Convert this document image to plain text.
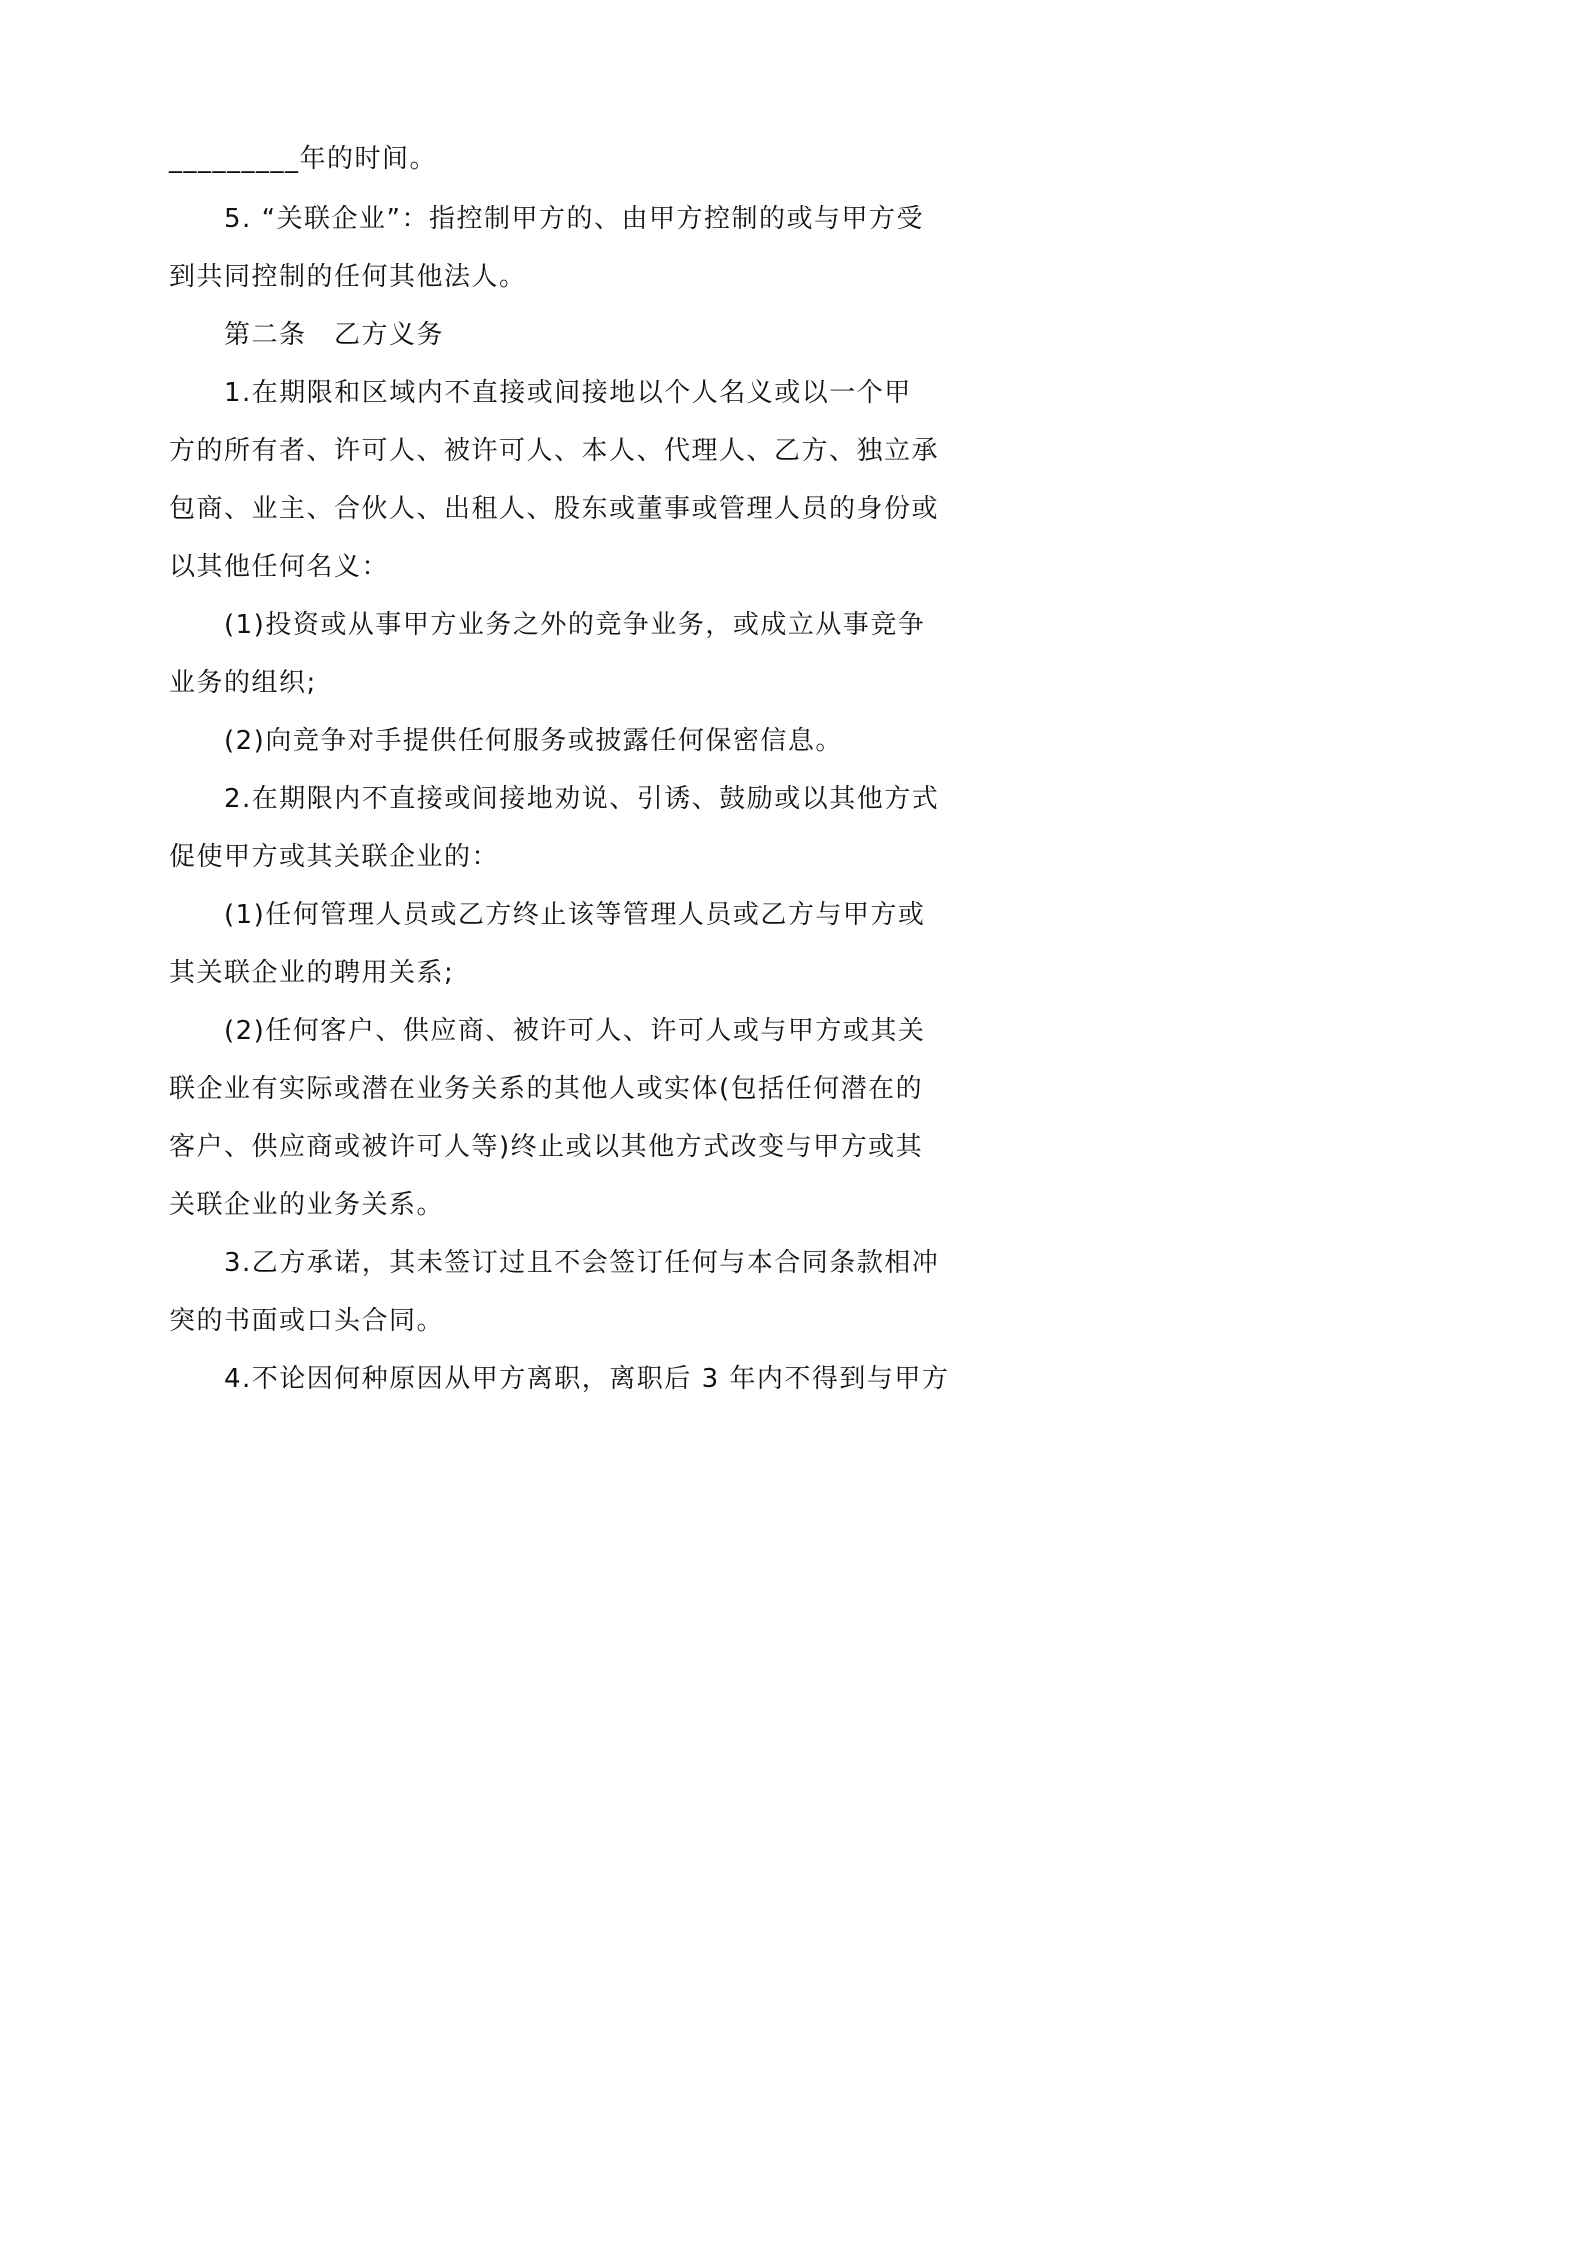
_________年的时间。
5. “关联企业”：指控制甲方的、由甲方控制的或与甲方受
到共同控制的任何其他法人。
第二条　乙方义务
1.在期限和区域内不直接或间接地以个人名义或以一个甲
方的所有者、许可人、被许可人、本人、代理人、乙方、独立承
包商、业主、合伙人、出租人、股东或董事或管理人员的身份或
以其他任何名义：
(1)投资或从事甲方业务之外的竞争业务，或成立从事竞争
业务的组织;
(2)向竞争对手提供任何服务或披露任何保密信息。
2.在期限内不直接或间接地劝说、引诱、鼓励或以其他方式
促使甲方或其关联企业的：
(1)任何管理人员或乙方终止该等管理人员或乙方与甲方或
其关联企业的聘用关系;
(2)任何客户、供应商、被许可人、许可人或与甲方或其关
联企业有实际或潜在业务关系的其他人或实体(包括任何潜在的
客户、供应商或被许可人等)终止或以其他方式改变与甲方或其
关联企业的业务关系。
3.乙方承诺，其未签订过且不会签订任何与本合同条款相冲
突的书面或口头合同。
4.不论因何种原因从甲方离职，离职后 3 年内不得到与甲方
